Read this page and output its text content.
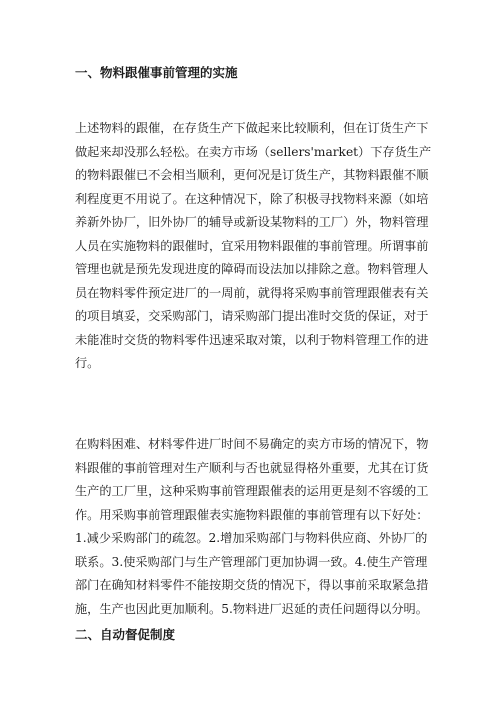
一、物料跟催事前管理的实施

上述物料的跟催，在存货生产下做起来比较顺利，但在订货生产下
做起来却没那么轻松。在卖方市场（sellers'market）下存货生产
的物料跟催已不会相当顺利，更何况是订货生产，其物料跟催不顺
利程度更不用说了。在这种情况下，除了积极寻找物料来源（如培
养新外协厂，旧外协厂的辅导或新设某物料的工厂）外，物料管理
人员在实施物料的跟催时，宜采用物料跟催的事前管理。所谓事前
管理也就是预先发现进度的障碍而设法加以排除之意。物料管理人
员在物料零件预定进厂的一周前，就得将采购事前管理跟催表有关
的项目填妥，交采购部门，请采购部门提出准时交货的保证，对于
未能准时交货的物料零件迅速采取对策，以利于物料管理工作的进
行。

在购料困难、材料零件进厂时间不易确定的卖方市场的情况下，物
料跟催的事前管理对生产顺利与否也就显得格外重要，尤其在订货
生产的工厂里，这种采购事前管理跟催表的运用更是刻不容缓的工
作。用采购事前管理跟催表实施物料跟催的事前管理有以下好处：
1.减少采购部门的疏忽。2.增加采购部门与物料供应商、外协厂的
联系。3.使采购部门与生产管理部门更加协调一致。4.使生产管理
部门在确知材料零件不能按期交货的情况下，得以事前采取紧急措
施，生产也因此更加顺利。5.物料进厂迟延的责任问题得以分明。

二、自动督促制度
